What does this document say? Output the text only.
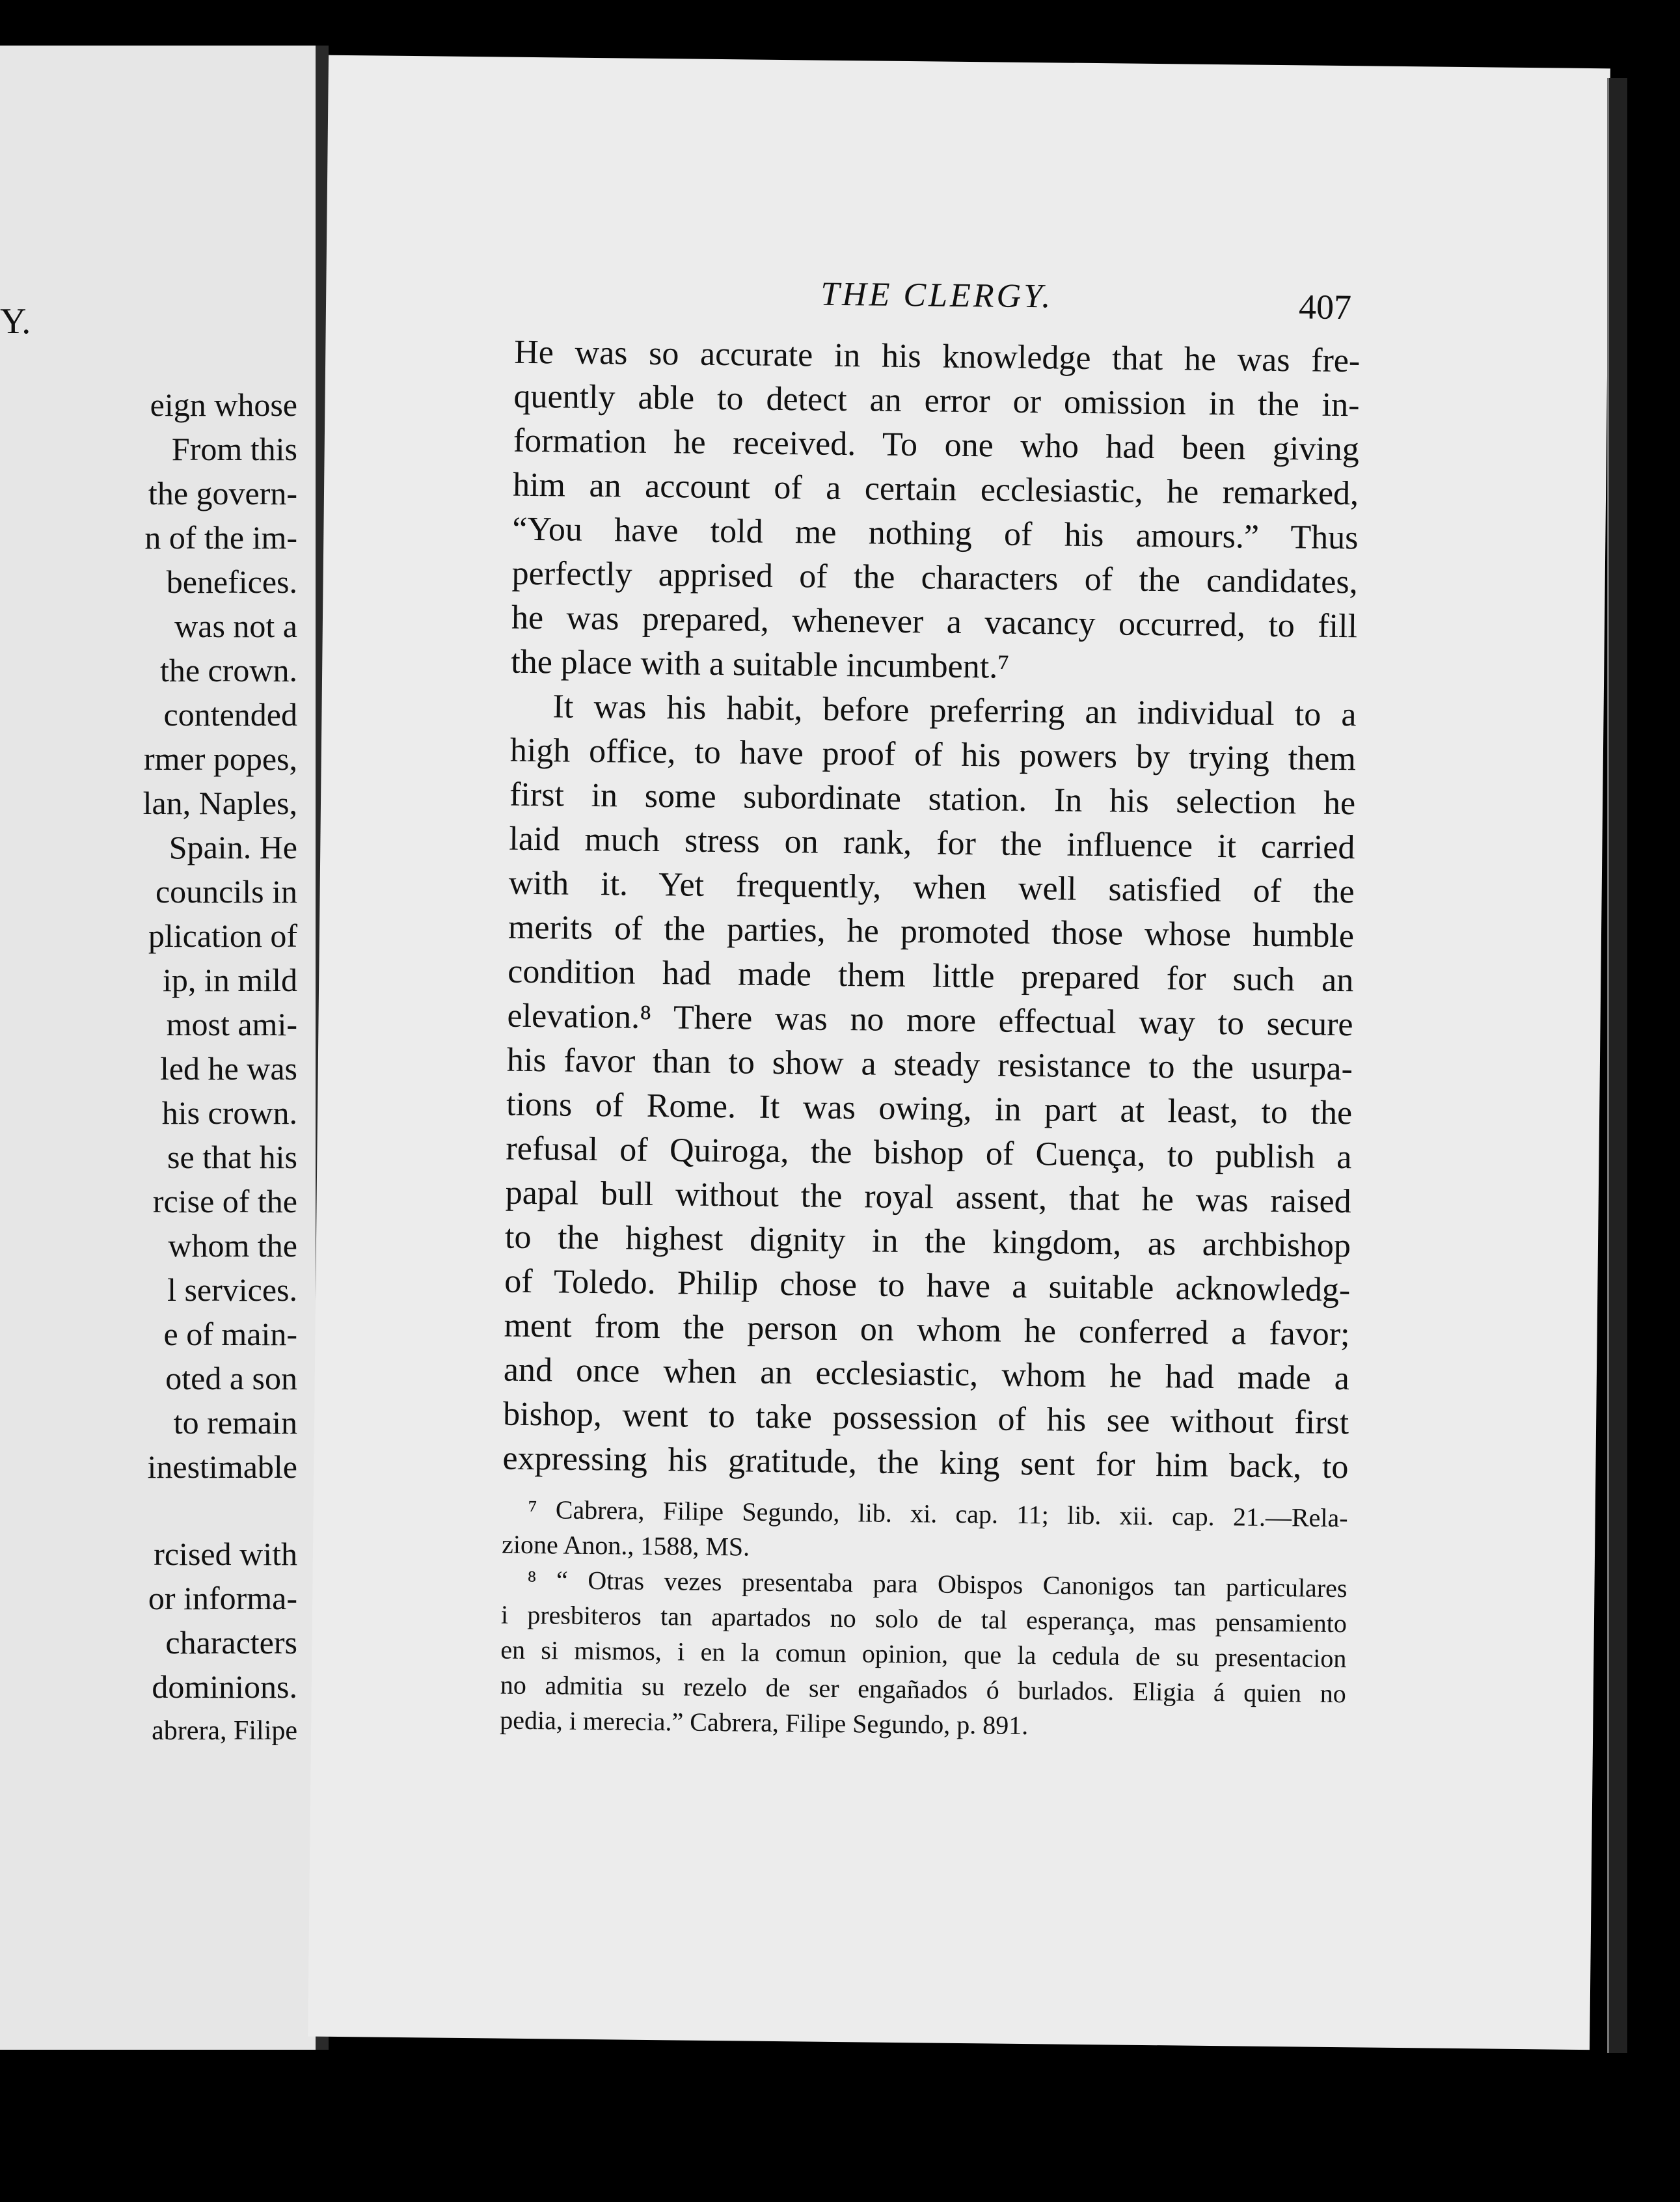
Y.
eign whose
From this
the govern-
n of the im-
benefices.
was not a
the crown.
contended
rmer popes,
lan, Naples,
Spain. He
councils in
plication of
ip, in mild
most ami-
led he was
his crown.
se that his
rcise of the
whom the
l services.
e of main-
oted a son
to remain
inestimable
rcised with
or informa-
characters
dominions.
abrera, Filipe
THE CLERGY.	407
He was so accurate in his knowledge that he was fre-
quently able to detect an error or omission in the in-
formation he received. To one who had been giving
him an account of a certain ecclesiastic, he remarked,
“You have told me nothing of his amours.” Thus
perfectly apprised of the characters of the candidates,
he was prepared, whenever a vacancy occurred, to fill
the place with a suitable incumbent.⁷
It was his habit, before preferring an individual to a
high office, to have proof of his powers by trying them
first in some subordinate station. In his selection he
laid much stress on rank, for the influence it carried
with it. Yet frequently, when well satisfied of the
merits of the parties, he promoted those whose humble
condition had made them little prepared for such an
elevation.⁸ There was no more effectual way to secure
his favor than to show a steady resistance to the usurpa-
tions of Rome. It was owing, in part at least, to the
refusal of Quiroga, the bishop of Cuença, to publish a
papal bull without the royal assent, that he was raised
to the highest dignity in the kingdom, as archbishop
of Toledo. Philip chose to have a suitable acknowledg-
ment from the person on whom he conferred a favor;
and once when an ecclesiastic, whom he had made a
bishop, went to take possession of his see without first
expressing his gratitude, the king sent for him back, to
⁷ Cabrera, Filipe Segundo, lib. xi. cap. 11; lib. xii. cap. 21.—Rela-
zione Anon., 1588, MS.
⁸ “ Otras vezes presentaba para Obispos Canonigos tan particulares
i presbiteros tan apartados no solo de tal esperança, mas pensamiento
en si mismos, i en la comun opinion, que la cedula de su presentacion
no admitia su rezelo de ser engañados ó burlados. Eligia á quien no
pedia, i merecia.” Cabrera, Filipe Segundo, p. 891.
